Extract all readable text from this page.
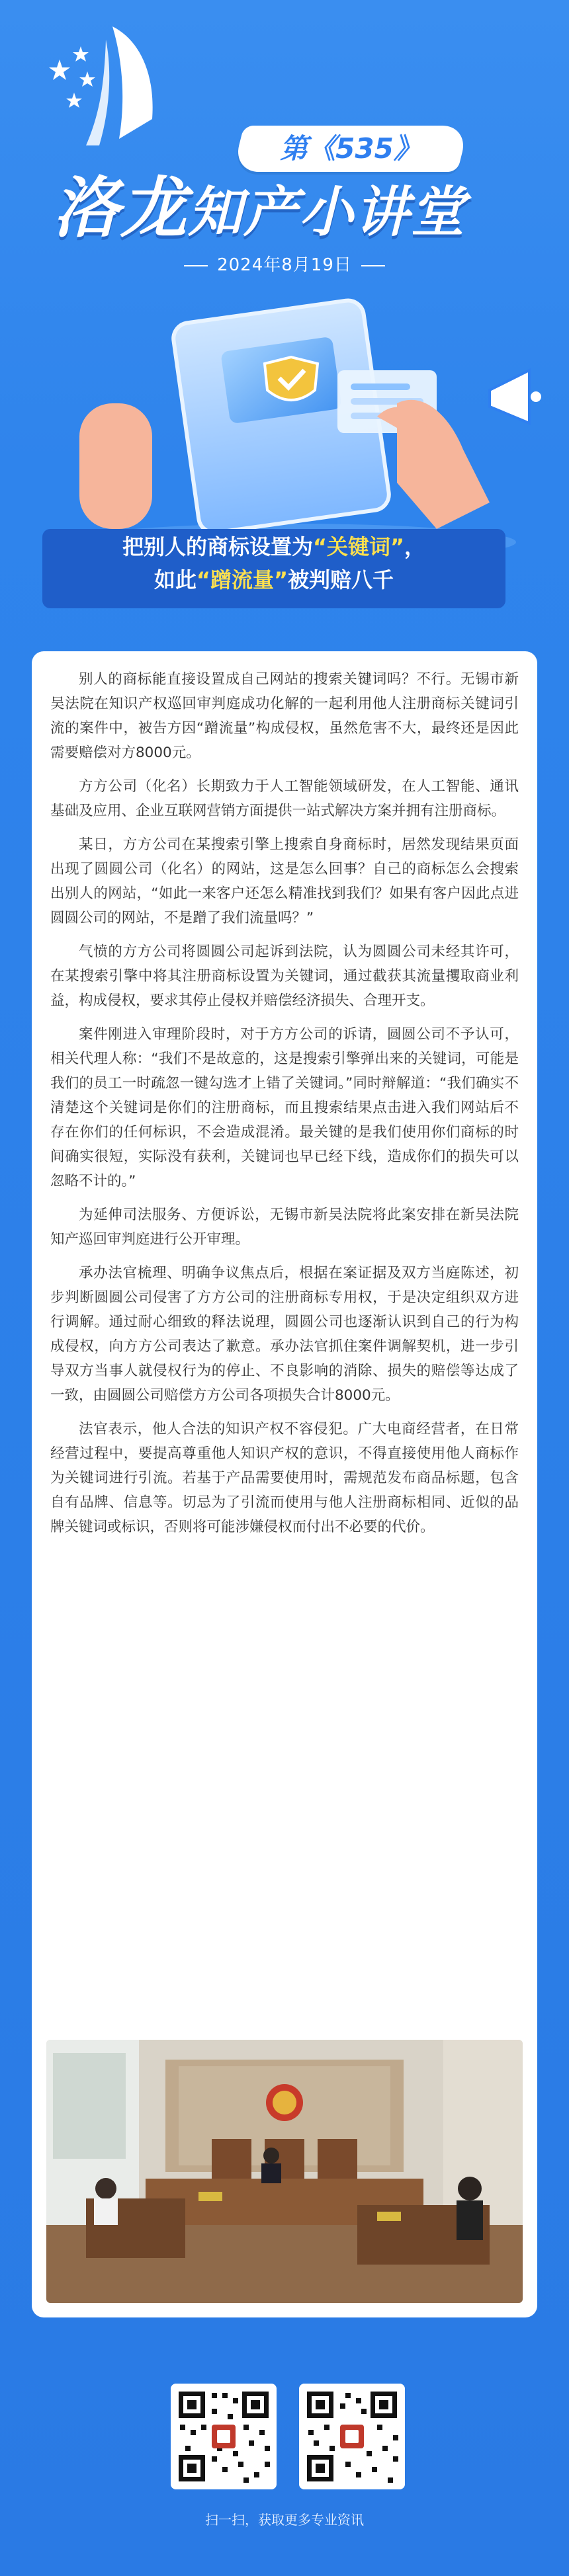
第《535》
洛龙知产小讲堂
2024年8月19日
把别人的商标设置为“关键词”，
如此“蹭流量”被判赔八千

别人的商标能直接设置成自己网站的搜索关键词吗？不行。无锡市新吴法院在知识产权巡回审判庭成功化解的一起利用他人注册商标关键词引流的案件中，被告方因“蹭流量”构成侵权，虽然危害不大，最终还是因此需要赔偿对方8000元。

方方公司（化名）长期致力于人工智能领域研发，在人工智能、通讯基础及应用、企业互联网营销方面提供一站式解决方案并拥有注册商标。

某日，方方公司在某搜索引擎上搜索自身商标时，居然发现结果页面出现了圆圆公司（化名）的网站，这是怎么回事？自己的商标怎么会搜索出别人的网站，“如此一来客户还怎么精准找到我们？如果有客户因此点进圆圆公司的网站，不是蹭了我们流量吗？”

气愤的方方公司将圆圆公司起诉到法院，认为圆圆公司未经其许可，在某搜索引擎中将其注册商标设置为关键词，通过截获其流量攫取商业利益，构成侵权，要求其停止侵权并赔偿经济损失、合理开支。

案件刚进入审理阶段时，对于方方公司的诉请，圆圆公司不予认可，相关代理人称：“我们不是故意的，这是搜索引擎弹出来的关键词，可能是我们的员工一时疏忽一键勾选才上错了关键词。”同时辩解道：“我们确实不清楚这个关键词是你们的注册商标，而且搜索结果点击进入我们网站后不存在你们的任何标识，不会造成混淆。最关键的是我们使用你们商标的时间确实很短，实际没有获利，关键词也早已经下线，造成你们的损失可以忽略不计的。”

为延伸司法服务、方便诉讼，无锡市新吴法院将此案安排在新吴法院知产巡回审判庭进行公开审理。

承办法官梳理、明确争议焦点后，根据在案证据及双方当庭陈述，初步判断圆圆公司侵害了方方公司的注册商标专用权，于是决定组织双方进行调解。通过耐心细致的释法说理，圆圆公司也逐渐认识到自己的行为构成侵权，向方方公司表达了歉意。承办法官抓住案件调解契机，进一步引导双方当事人就侵权行为的停止、不良影响的消除、损失的赔偿等达成了一致，由圆圆公司赔偿方方公司各项损失合计8000元。

法官表示，他人合法的知识产权不容侵犯。广大电商经营者，在日常经营过程中，要提高尊重他人知识产权的意识，不得直接使用他人商标作为关键词进行引流。若基于产品需要使用时，需规范发布商品标题，包含自有品牌、信息等。切忌为了引流而使用与他人注册商标相同、近似的品牌关键词或标识，否则将可能涉嫌侵权而付出不必要的代价。

扫一扫，获取更多专业资讯
